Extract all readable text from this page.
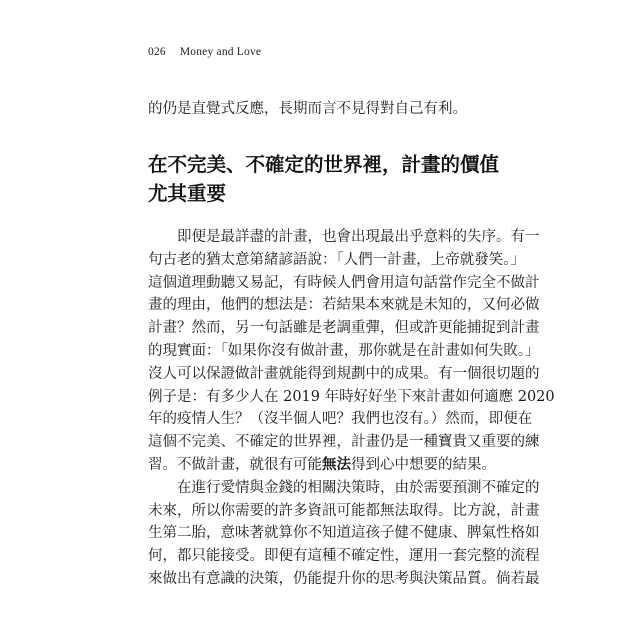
026 Money and Love
的仍是直覺式反應，長期而言不見得對自己有利。
在不完美、不確定的世界裡，計畫的價值
尤其重要
　　即便是最詳盡的計畫，也會出現最出乎意料的失序。有一
句古老的猶太意第緒諺語說：「人們一計畫，上帝就發笑。」
這個道理動聽又易記，有時候人們會用這句話當作完全不做計
畫的理由，他們的想法是：若結果本來就是未知的，又何必做
計畫？然而，另一句話雖是老調重彈，但或許更能捕捉到計畫
的現實面：「如果你沒有做計畫，那你就是在計畫如何失敗。」
沒人可以保證做計畫就能得到規劃中的成果。有一個很切題的
例子是：有多少人在 2019 年時好好坐下來計畫如何適應 2020
年的疫情人生？（沒半個人吧？我們也沒有。）然而，即便在
這個不完美、不確定的世界裡，計畫仍是一種寶貴又重要的練
習。不做計畫，就很有可能無法得到心中想要的結果。
　　在進行愛情與金錢的相關決策時，由於需要預測不確定的
未來，所以你需要的許多資訊可能都無法取得。比方說，計畫
生第二胎，意味著就算你不知道這孩子健不健康、脾氣性格如
何，都只能接受。即便有這種不確定性，運用一套完整的流程
來做出有意識的決策，仍能提升你的思考與決策品質。倘若最
